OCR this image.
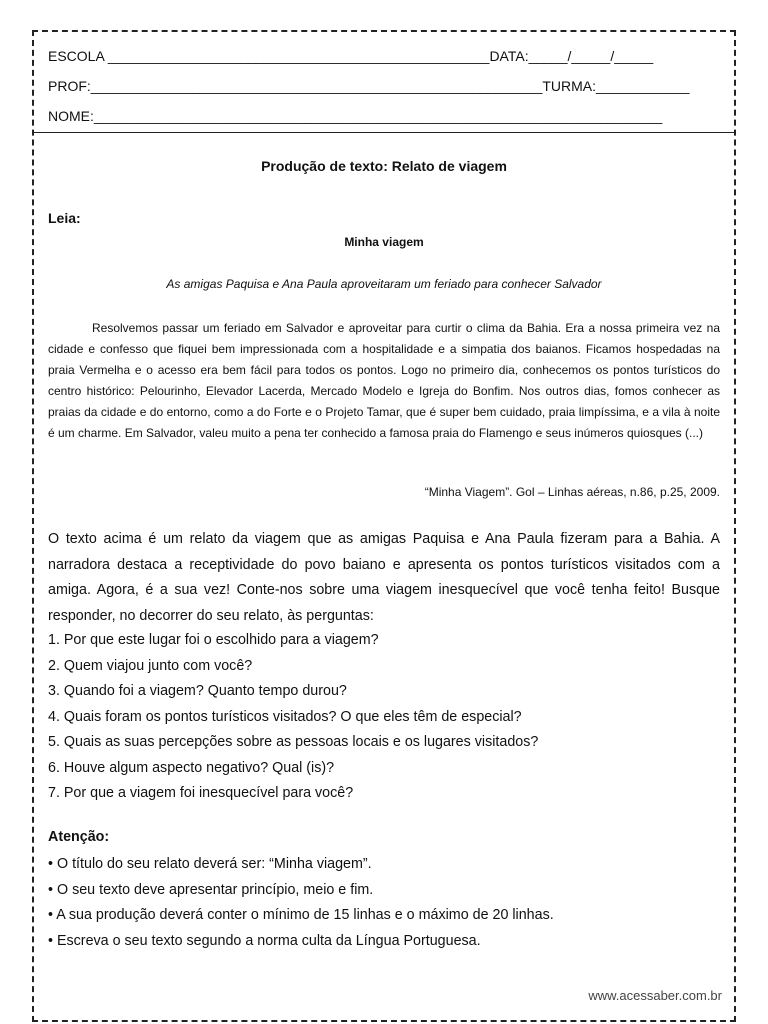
ESCOLA _________________________________________________DATA:_____/_____/_____
PROF:__________________________________________________________TURMA:____________
NOME:_________________________________________________________________________
Produção de texto: Relato de viagem
Leia:
Minha viagem
As amigas Paquisa e Ana Paula aproveitaram um feriado para conhecer Salvador

Resolvemos passar um feriado em Salvador e aproveitar para curtir o clima da Bahia. Era a nossa primeira vez na cidade e confesso que fiquei bem impressionada com a hospitalidade e a simpatia dos baianos. Ficamos hospedadas na praia Vermelha e o acesso era bem fácil para todos os pontos. Logo no primeiro dia, conhecemos os pontos turísticos do centro histórico: Pelourinho, Elevador Lacerda, Mercado Modelo e Igreja do Bonfim. Nos outros dias, fomos conhecer as praias da cidade e do entorno, como a do Forte e o Projeto Tamar, que é super bem cuidado, praia limpíssima, e a vila à noite é um charme. Em Salvador, valeu muito a pena ter conhecido a famosa praia do Flamengo e seus inúmeros quiosques (...)

“Minha Viagem”. Gol – Linhas aéreas, n.86, p.25, 2009.

O texto acima é um relato da viagem que as amigas Paquisa e Ana Paula fizeram para a Bahia. A narradora destaca a receptividade do povo baiano e apresenta os pontos turísticos visitados com a amiga. Agora, é a sua vez! Conte-nos sobre uma viagem inesquecível que você tenha feito! Busque responder, no decorrer do seu relato, às perguntas:

1. Por que este lugar foi o escolhido para a viagem?
2. Quem viajou junto com você?
3. Quando foi a viagem? Quanto tempo durou?
4. Quais foram os pontos turísticos visitados? O que eles têm de especial?
5. Quais as suas percepções sobre as pessoas locais e os lugares visitados?
6. Houve algum aspecto negativo? Qual (is)?
7. Por que a viagem foi inesquecível para você?
Atenção:
• O título do seu relato deverá ser: “Minha viagem”.
• O seu texto deve apresentar princípio, meio e fim.
• A sua produção deverá conter o mínimo de 15 linhas e o máximo de 20 linhas.
• Escreva o seu texto segundo a norma culta da Língua Portuguesa.
www.acessaber.com.br
